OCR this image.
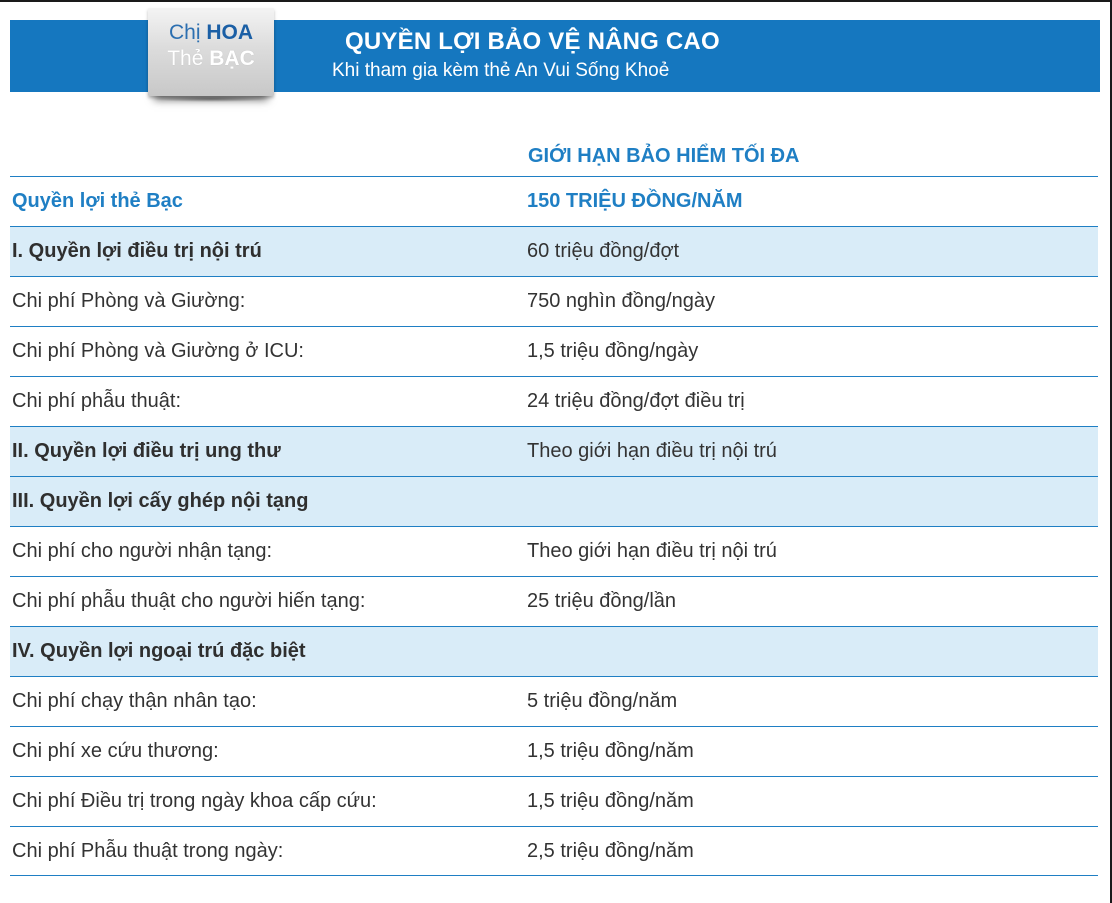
Chị HOA
Thẻ BẠC
QUYỀN LỢI BẢO VỆ NÂNG CAO
Khi tham gia kèm thẻ An Vui Sống Khoẻ
GIỚI HẠN BẢO HIỂM TỐI ĐA
Quyền lợi thẻ Bạc	150 TRIỆU ĐỒNG/NĂM
I. Quyền lợi điều trị nội trú	60 triệu đồng/đợt
Chi phí Phòng và Giường:	750 nghìn đồng/ngày
Chi phí Phòng và Giường ở ICU:	1,5 triệu đồng/ngày
Chi phí phẫu thuật:	24 triệu đồng/đợt điều trị
II. Quyền lợi điều trị ung thư	Theo giới hạn điều trị nội trú
III. Quyền lợi cấy ghép nội tạng
Chi phí cho người nhận tạng:	Theo giới hạn điều trị nội trú
Chi phí phẫu thuật cho người hiến tạng:	25 triệu đồng/lần
IV. Quyền lợi ngoại trú đặc biệt
Chi phí chạy thận nhân tạo:	5 triệu đồng/năm
Chi phí xe cứu thương:	1,5 triệu đồng/năm
Chi phí Điều trị trong ngày khoa cấp cứu:	1,5 triệu đồng/năm
Chi phí Phẫu thuật trong ngày:	2,5 triệu đồng/năm
